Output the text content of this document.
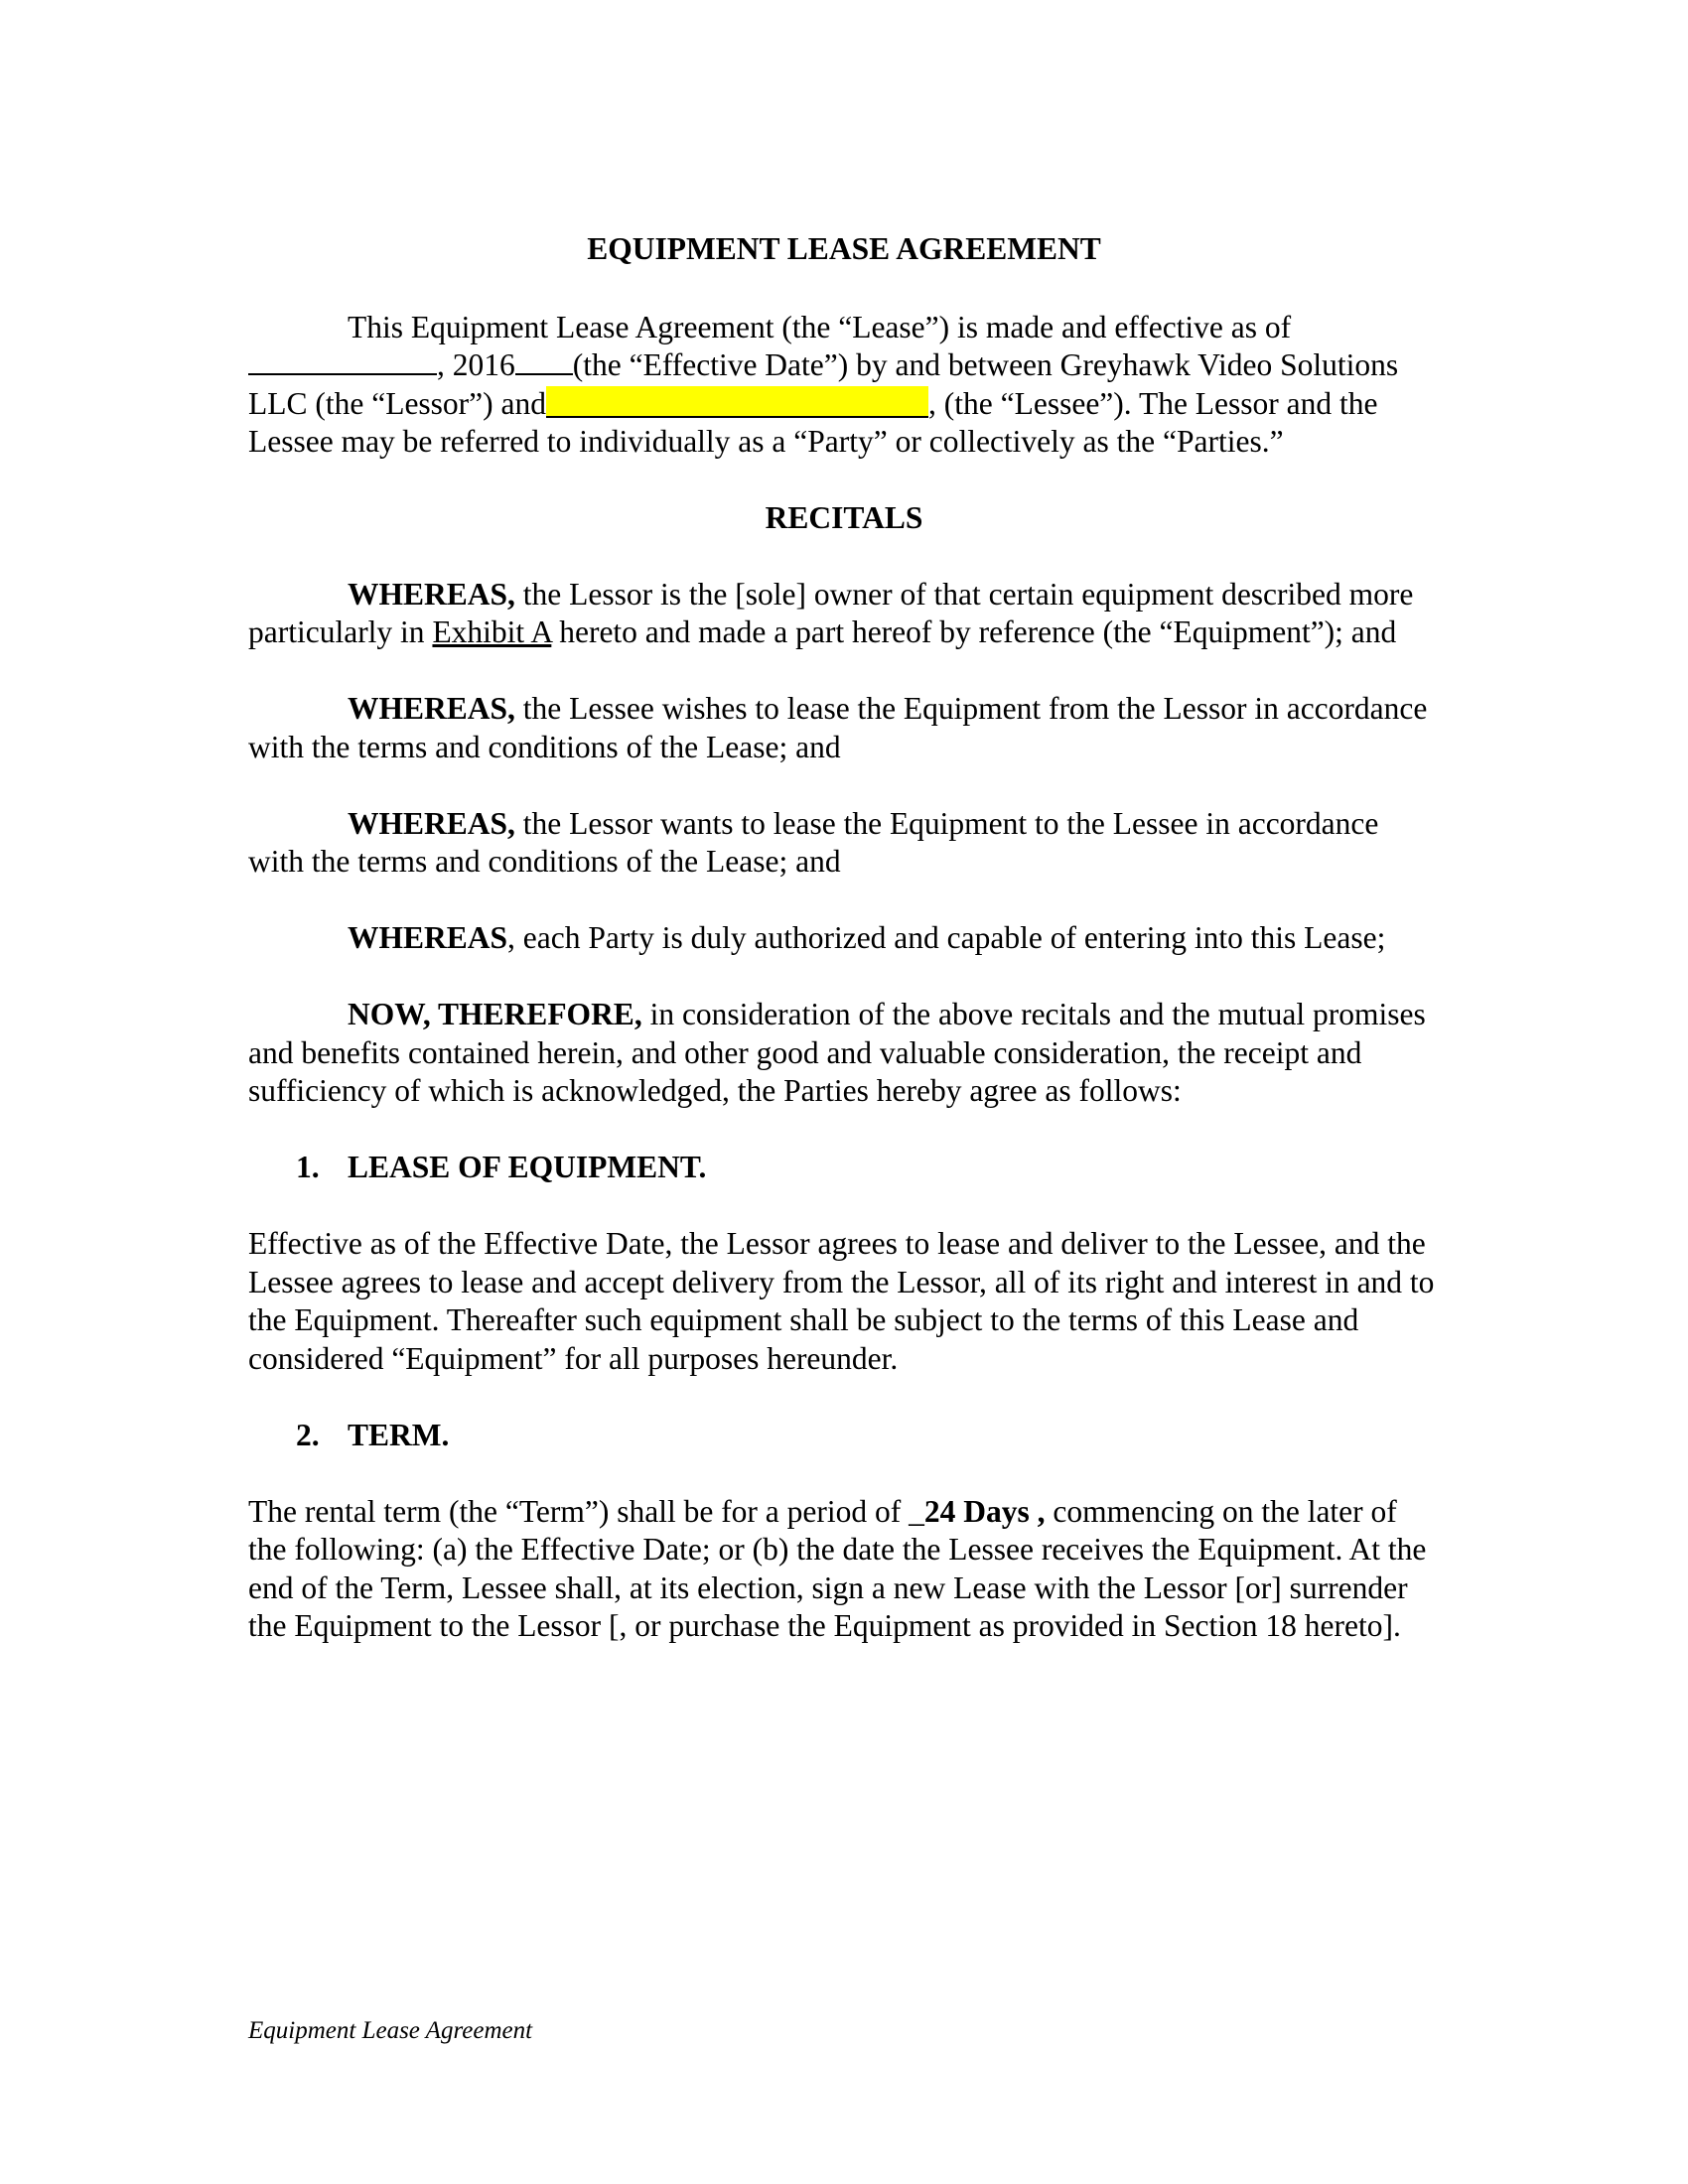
EQUIPMENT LEASE AGREEMENT

This Equipment Lease Agreement (the “Lease”) is made and effective as of , 2016 (the “Effective Date”) by and between Greyhawk Video Solutions LLC (the “Lessor”) and	, (the “Lessee”). The Lessor and the Lessee may be referred to individually as a “Party” or collectively as the “Parties.”

RECITALS

WHEREAS, the Lessor is the [sole] owner of that certain equipment described more particularly in Exhibit A hereto and made a part hereof by reference (the “Equipment”); and

WHEREAS, the Lessee wishes to lease the Equipment from the Lessor in accordance with the terms and conditions of the Lease; and

WHEREAS, the Lessor wants to lease the Equipment to the Lessee in accordance with the terms and conditions of the Lease; and

WHEREAS, each Party is duly authorized and capable of entering into this Lease;

NOW, THEREFORE, in consideration of the above recitals and the mutual promises and benefits contained herein, and other good and valuable consideration, the receipt and sufficiency of which is acknowledged, the Parties hereby agree as follows:

1. LEASE OF EQUIPMENT.

Effective as of the Effective Date, the Lessor agrees to lease and deliver to the Lessee, and the Lessee agrees to lease and accept delivery from the Lessor, all of its right and interest in and to the Equipment. Thereafter such equipment shall be subject to the terms of this Lease and considered “Equipment” for all purposes hereunder.

2. TERM.

The rental term (the “Term”) shall be for a period of _24 Days , commencing on the later of the following: (a) the Effective Date; or (b) the date the Lessee receives the Equipment. At the end of the Term, Lessee shall, at its election, sign a new Lease with the Lessor [or] surrender the Equipment to the Lessor [, or purchase the Equipment as provided in Section 18 hereto].

Equipment Lease Agreement
